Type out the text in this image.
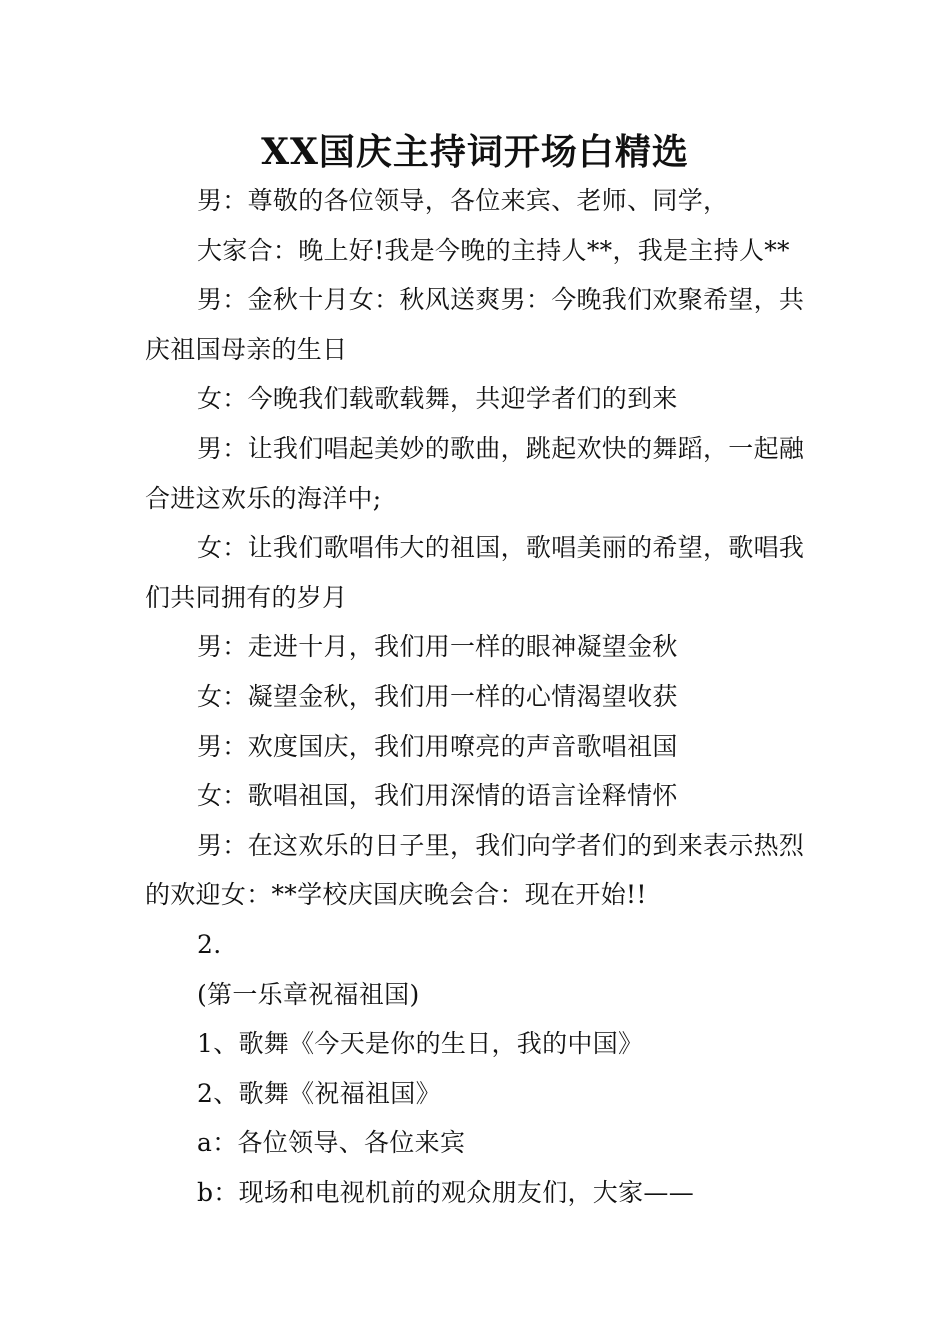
XX国庆主持词开场白精选

男：尊敬的各位领导，各位来宾、老师、同学，

大家合：晚上好!我是今晚的主持人**，我是主持人**

男：金秋十月女：秋风送爽男：今晚我们欢聚希望，共庆祖国母亲的生日

女：今晚我们载歌载舞，共迎学者们的到来

男：让我们唱起美妙的歌曲，跳起欢快的舞蹈，一起融合进这欢乐的海洋中;

女：让我们歌唱伟大的祖国，歌唱美丽的希望，歌唱我们共同拥有的岁月

男：走进十月，我们用一样的眼神凝望金秋

女：凝望金秋，我们用一样的心情渴望收获

男：欢度国庆，我们用嘹亮的声音歌唱祖国

女：歌唱祖国，我们用深情的语言诠释情怀

男：在这欢乐的日子里，我们向学者们的到来表示热烈的欢迎女：**学校庆国庆晚会合：现在开始!!

2.

(第一乐章祝福祖国)

1、歌舞《今天是你的生日，我的中国》

2、歌舞《祝福祖国》

a：各位领导、各位来宾

b：现场和电视机前的观众朋友们，大家——
